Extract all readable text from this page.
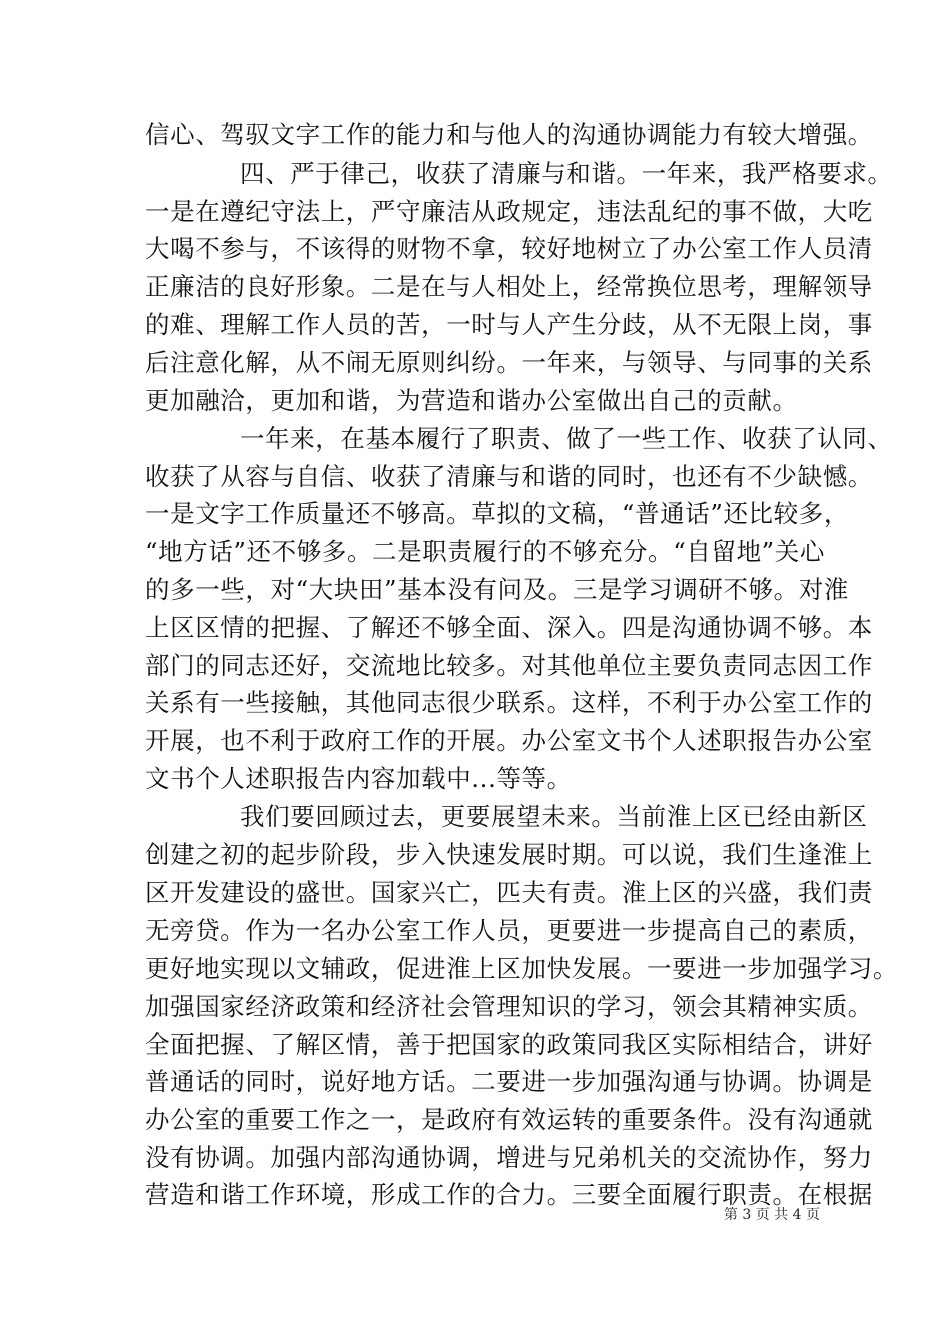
信心、驾驭文字工作的能力和与他人的沟通协调能力有较大增强。
四、严于律己，收获了清廉与和谐。一年来，我严格要求。
一是在遵纪守法上，严守廉洁从政规定，违法乱纪的事不做，大吃
大喝不参与，不该得的财物不拿，较好地树立了办公室工作人员清
正廉洁的良好形象。二是在与人相处上，经常换位思考，理解领导
的难、理解工作人员的苦，一时与人产生分歧，从不无限上岗，事
后注意化解，从不闹无原则纠纷。一年来，与领导、与同事的关系
更加融洽，更加和谐，为营造和谐办公室做出自己的贡献。
一年来，在基本履行了职责、做了一些工作、收获了认同、
收获了从容与自信、收获了清廉与和谐的同时，也还有不少缺憾。
一是文字工作质量还不够高。草拟的文稿，“普通话”还比较多，
“地方话”还不够多。二是职责履行的不够充分。“自留地”关心
的多一些，对“大块田”基本没有问及。三是学习调研不够。对淮
上区区情的把握、了解还不够全面、深入。四是沟通协调不够。本
部门的同志还好，交流地比较多。对其他单位主要负责同志因工作
关系有一些接触，其他同志很少联系。这样，不利于办公室工作的
开展，也不利于政府工作的开展。办公室文书个人述职报告办公室
文书个人述职报告内容加载中...等等。
我们要回顾过去，更要展望未来。当前淮上区已经由新区
创建之初的起步阶段，步入快速发展时期。可以说，我们生逢淮上
区开发建设的盛世。国家兴亡，匹夫有责。淮上区的兴盛，我们责
无旁贷。作为一名办公室工作人员，更要进一步提高自己的素质，
更好地实现以文辅政，促进淮上区加快发展。一要进一步加强学习。
加强国家经济政策和经济社会管理知识的学习，领会其精神实质。
全面把握、了解区情，善于把国家的政策同我区实际相结合，讲好
普通话的同时，说好地方话。二要进一步加强沟通与协调。协调是
办公室的重要工作之一，是政府有效运转的重要条件。没有沟通就
没有协调。加强内部沟通协调，增进与兄弟机关的交流协作，努力
营造和谐工作环境，形成工作的合力。三要全面履行职责。在根据
第 3 页 共 4 页
